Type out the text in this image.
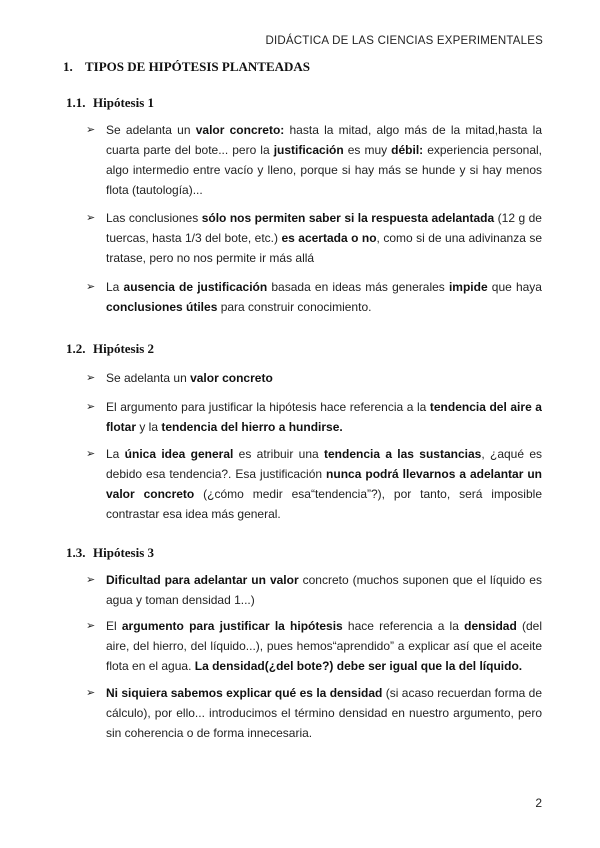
DIDÁCTICA DE LAS CIENCIAS EXPERIMENTALES
1. TIPOS DE HIPÓTESIS PLANTEADAS
1.1. Hipótesis 1
➢ Se adelanta un valor concreto: hasta la mitad, algo más de la mitad,hasta la cuarta parte del bote... pero la justificación es muy débil: experiencia personal, algo intermedio entre vacío y lleno, porque si hay más se hunde y si hay menos flota (tautología)...
➢ Las conclusiones sólo nos permiten saber si la respuesta adelantada (12 g de tuercas, hasta 1/3 del bote, etc.) es acertada o no, como si de una adivinanza se tratase, pero no nos permite ir más allá
➢ La ausencia de justificación basada en ideas más generales impide que haya conclusiones útiles para construir conocimiento.
1.2. Hipótesis 2
➢ Se adelanta un valor concreto
➢ El argumento para justificar la hipótesis hace referencia a la tendencia del aire a flotar y la tendencia del hierro a hundirse.
➢ La única idea general es atribuir una tendencia a las sustancias, ¿aqué es debido esa tendencia?. Esa justificación nunca podrá llevarnos a adelantar un valor concreto (¿cómo medir esa“tendencia”?), por tanto, será imposible contrastar esa idea más general.
1.3. Hipótesis 3
➢ Dificultad para adelantar un valor concreto (muchos suponen que el líquido es agua y toman densidad 1...)
➢ El argumento para justificar la hipótesis hace referencia a la densidad (del aire, del hierro, del líquido...), pues hemos“aprendido” a explicar así que el aceite flota en el agua. La densidad(¿del bote?) debe ser igual que la del líquido.
➢ Ni siquiera sabemos explicar qué es la densidad (si acaso recuerdan forma de cálculo), por ello... introducimos el término densidad en nuestro argumento, pero sin coherencia o de forma innecesaria.
2
